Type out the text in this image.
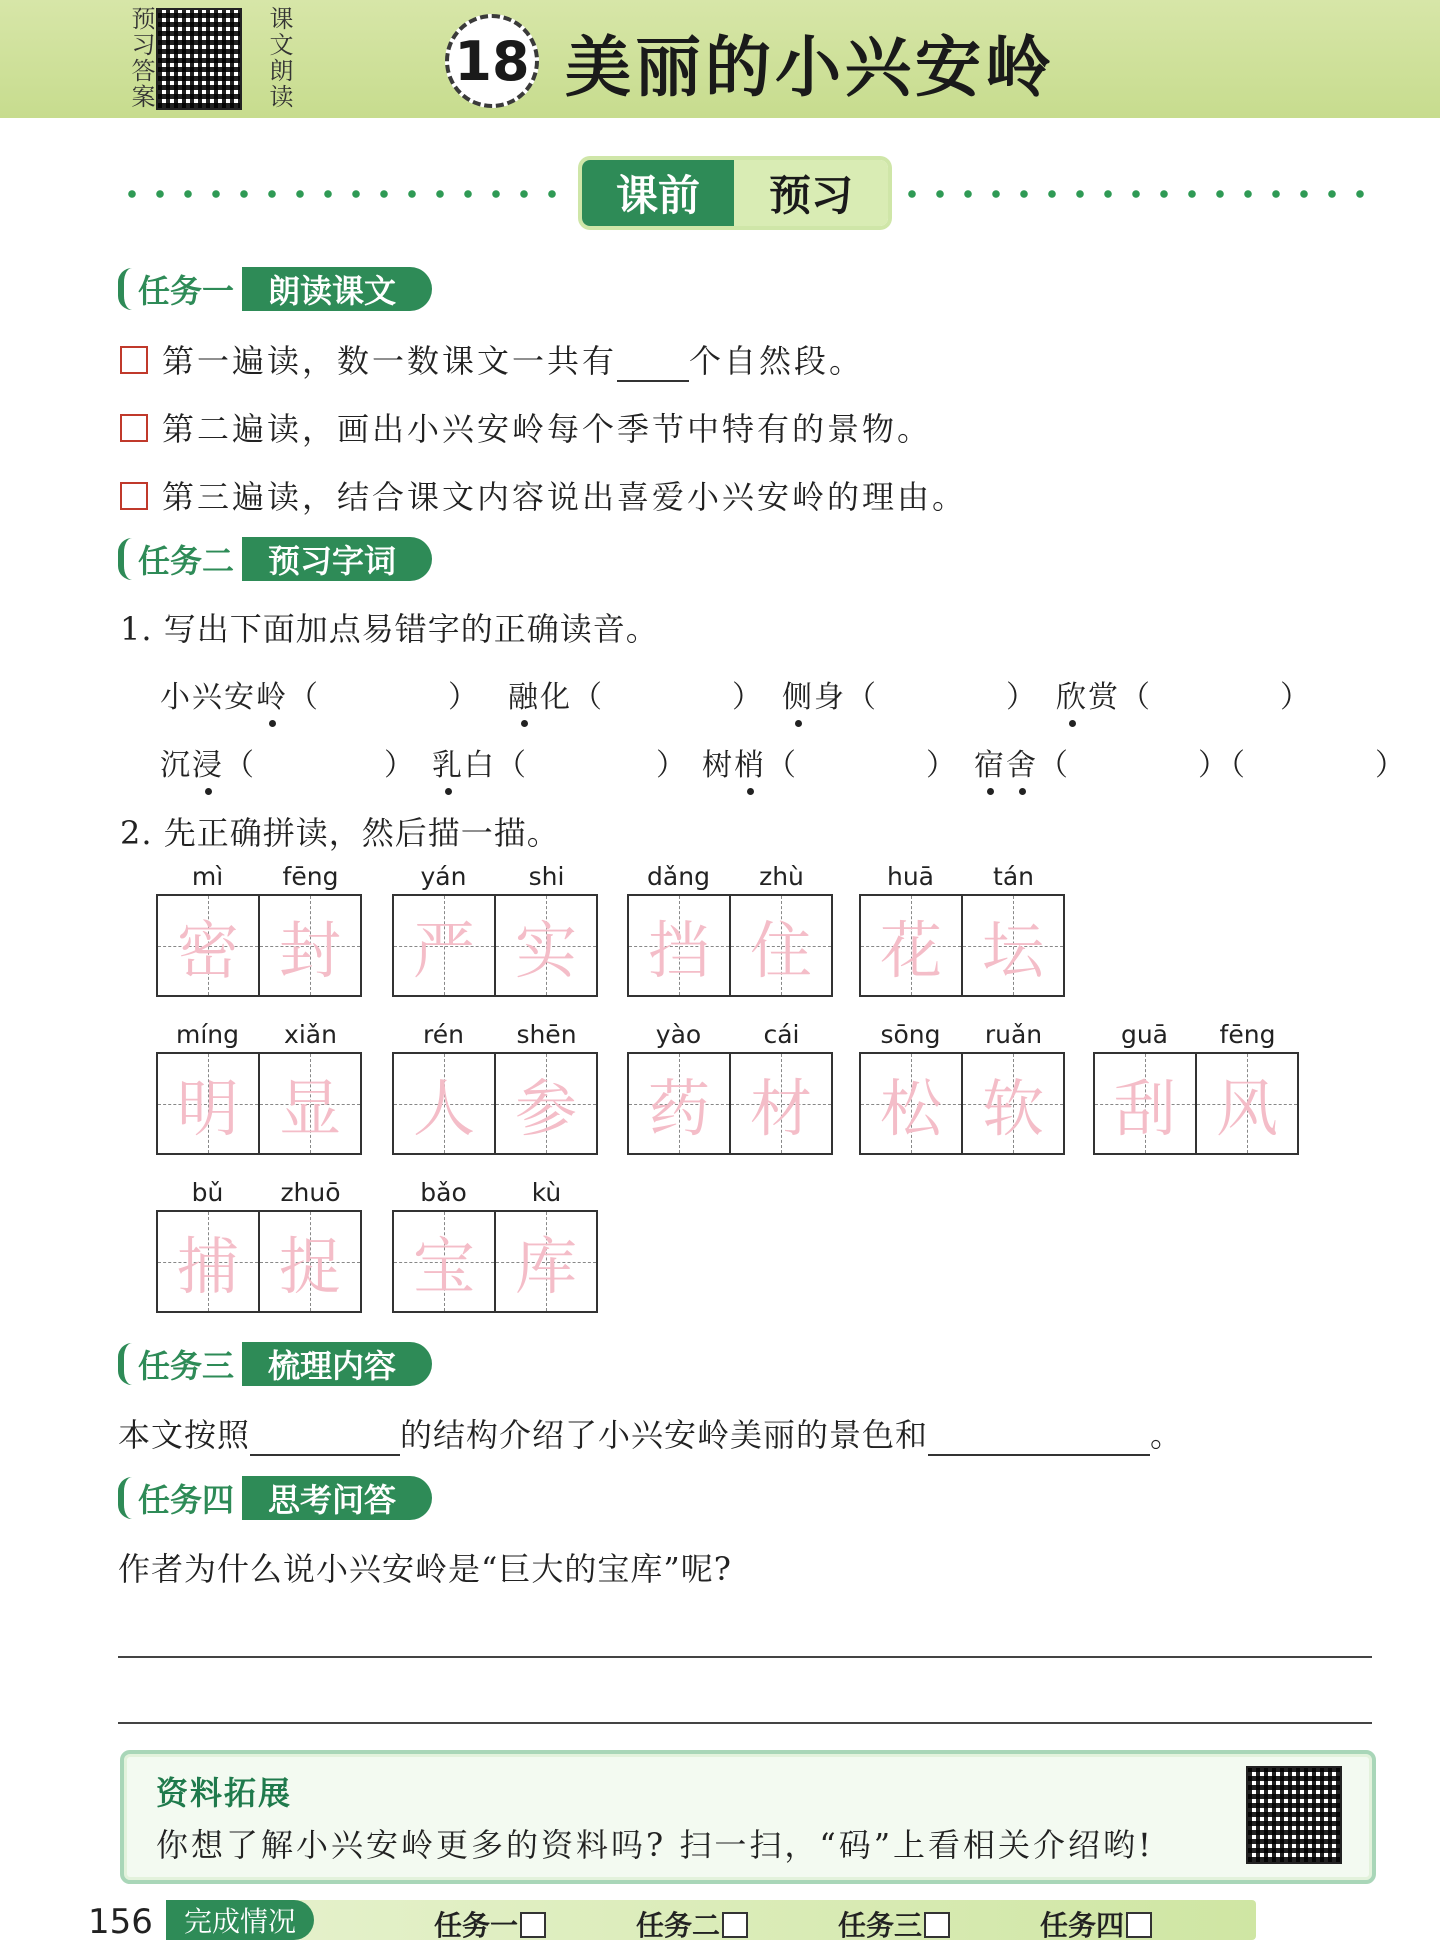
预习答案	课文朗读	18 美丽的小兴安岭
课前	预习
任务一	朗读课文
第一遍读，数一数课文一共有 个自然段。
第二遍读，画出小兴安岭每个季节中特有的景物。
第三遍读，结合课文内容说出喜爱小兴安岭的理由。
任务二	预习字词
1. 写出下面加点易错字的正确读音。
小兴安岭（　　　　） 融化（　　　　） 侧身（　　　　） 欣赏（　　　　）
沉浸（　　　　） 乳白（　　　　） 树梢（　　　　） 宿舍（　　　　）（　　　　）
2. 先正确拼读，然后描一描。
mì	fēng
密 封
yán	shi
严 实
dǎng	zhù
挡 住
huā	tán
花 坛
míng	xiǎn
明 显
rén	shēn
人 参
yào	cái
药 材
sōng	ruǎn
松 软
guā	fēng
刮 风
bǔ	zhuō
捕 捉
bǎo	kù
宝 库
任务三	梳理内容
本文按照	的结构介绍了小兴安岭美丽的景色和	。
任务四	思考问答
作者为什么说小兴安岭是“巨大的宝库”呢?
资料拓展
你想了解小兴安岭更多的资料吗? 扫一扫，“码”上看相关介绍哟!
156	完成情况	任务一	任务二	任务三	任务四
